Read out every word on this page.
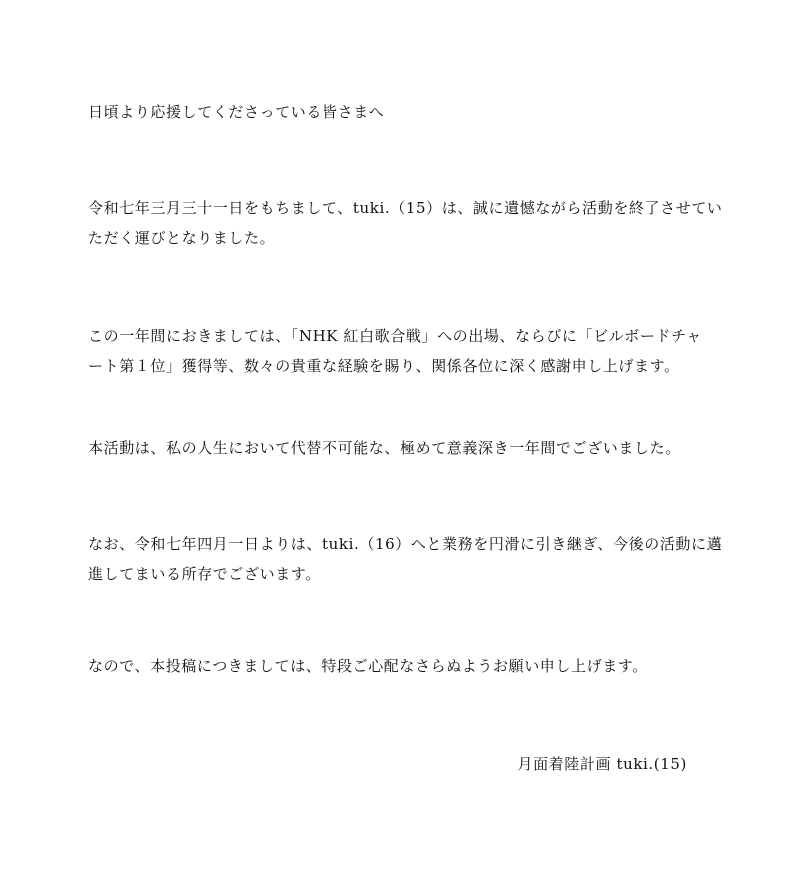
日頃より応援してくださっている皆さまへ

令和七年三月三十一日をもちまして、tuki.（15）は、誠に遺憾ながら活動を終了させてい
ただく運びとなりました。

この一年間におきましては、「NHK 紅白歌合戦」への出場、ならびに「ビルボードチャ
ート第１位」獲得等、数々の貴重な経験を賜り、関係各位に深く感謝申し上げます。

本活動は、私の人生において代替不可能な、極めて意義深き一年間でございました。

なお、令和七年四月一日よりは、tuki.（16）へと業務を円滑に引き継ぎ、今後の活動に邁
進してまいる所存でございます。

なので、本投稿につきましては、特段ご心配なさらぬようお願い申し上げます。

月面着陸計画 tuki.(15)
